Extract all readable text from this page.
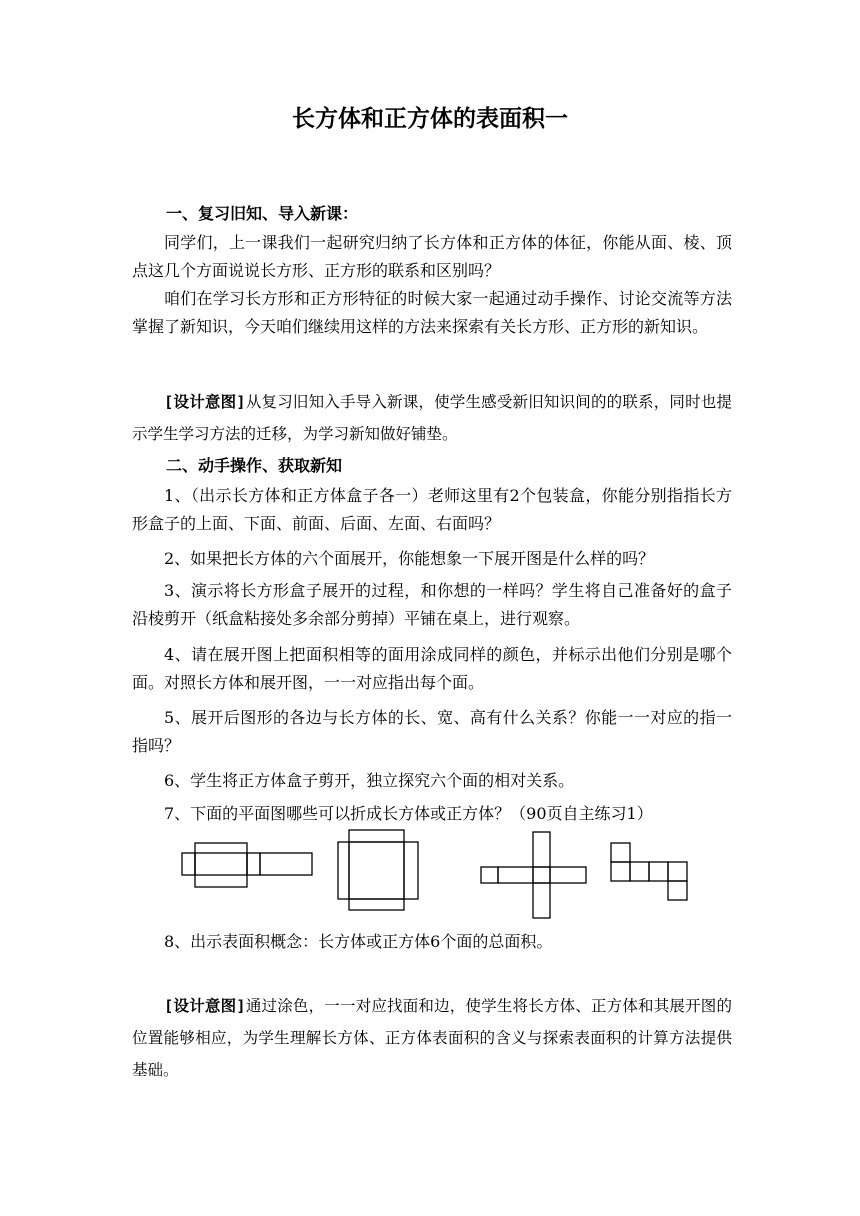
长方体和正方体的表面积一
一、复习旧知、导入新课：
同学们，上一课我们一起研究归纳了长方体和正方体的体征，你能从面、棱、顶点这几个方面说说长方形、正方形的联系和区别吗？
咱们在学习长方形和正方形特征的时候大家一起通过动手操作、讨论交流等方法掌握了新知识，今天咱们继续用这样的方法来探索有关长方形、正方形的新知识。
[设计意图]从复习旧知入手导入新课，使学生感受新旧知识间的的联系，同时也提示学生学习方法的迁移，为学习新知做好铺垫。
二、动手操作、获取新知
1、（出示长方体和正方体盒子各一）老师这里有2个包装盒，你能分别指指长方形盒子的上面、下面、前面、后面、左面、右面吗？
2、如果把长方体的六个面展开，你能想象一下展开图是什么样的吗？
3、演示将长方形盒子展开的过程，和你想的一样吗？学生将自己准备好的盒子沿棱剪开（纸盒粘接处多余部分剪掉）平铺在桌上，进行观察。
4、请在展开图上把面积相等的面用涂成同样的颜色，并标示出他们分别是哪个面。对照长方体和展开图，一一对应指出每个面。
5、展开后图形的各边与长方体的长、宽、高有什么关系？你能一一对应的指一指吗？
6、学生将正方体盒子剪开，独立探究六个面的相对关系。
7、下面的平面图哪些可以折成长方体或正方体？（90页自主练习1）
8、出示表面积概念：长方体或正方体6个面的总面积。
[设计意图]通过涂色，一一对应找面和边，使学生将长方体、正方体和其展开图的位置能够相应，为学生理解长方体、正方体表面积的含义与探索表面积的计算方法提供基础。
